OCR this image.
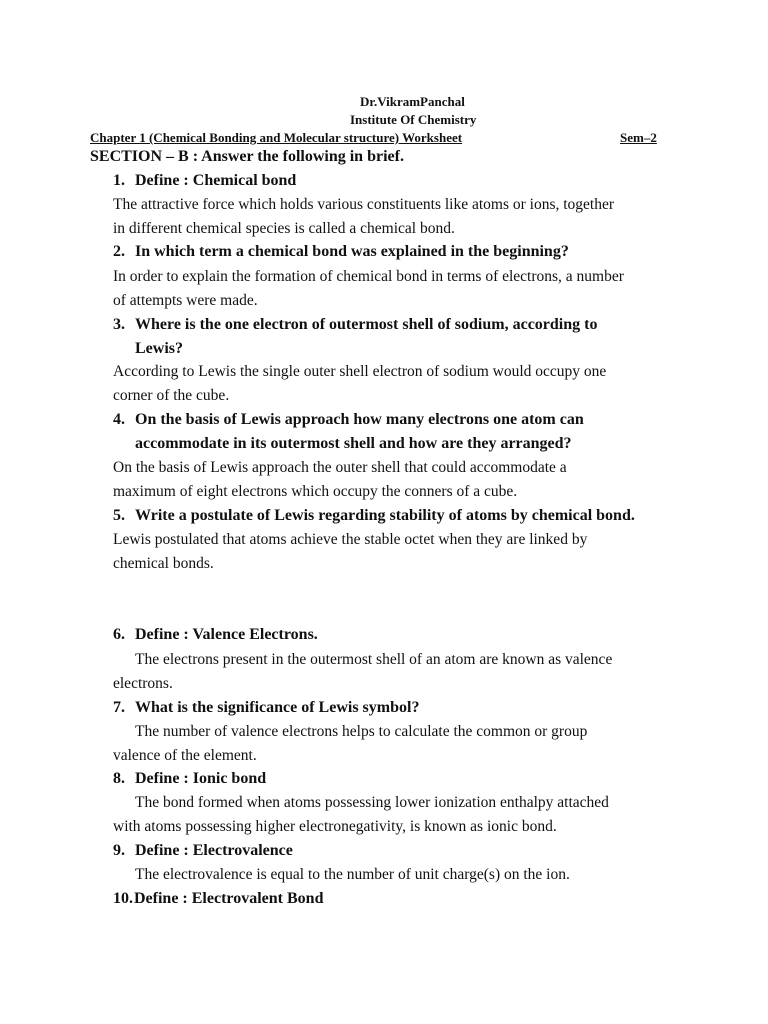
Dr.VikramPanchal
Institute Of Chemistry
Chapter 1 (Chemical Bonding and Molecular structure) Worksheet	Sem–2
SECTION – B : Answer the following in brief.
1. Define : Chemical bond
The attractive force which holds various constituents like atoms or ions, together
in different chemical species is called a chemical bond.
2. In which term a chemical bond was explained in the beginning?
In order to explain the formation of chemical bond in terms of electrons, a number
of attempts were made.
3. Where is the one electron of outermost shell of sodium, according to
Lewis?
According to Lewis the single outer shell electron of sodium would occupy one
corner of the cube.
4. On the basis of Lewis approach how many electrons one atom can
accommodate in its outermost shell and how are they arranged?
On the basis of Lewis approach the outer shell that could accommodate a
maximum of eight electrons which occupy the conners of a cube.
5. Write a postulate of Lewis regarding stability of atoms by chemical bond.
Lewis postulated that atoms achieve the stable octet when they are linked by
chemical bonds.
6. Define : Valence Electrons.
The electrons present in the outermost shell of an atom are known as valence
electrons.
7. What is the significance of Lewis symbol?
The number of valence electrons helps to calculate the common or group
valence of the element.
8. Define : Ionic bond
The bond formed when atoms possessing lower ionization enthalpy attached
with atoms possessing higher electronegativity, is known as ionic bond.
9. Define : Electrovalence
The electrovalence is equal to the number of unit charge(s) on the ion.
10.Define : Electrovalent Bond
